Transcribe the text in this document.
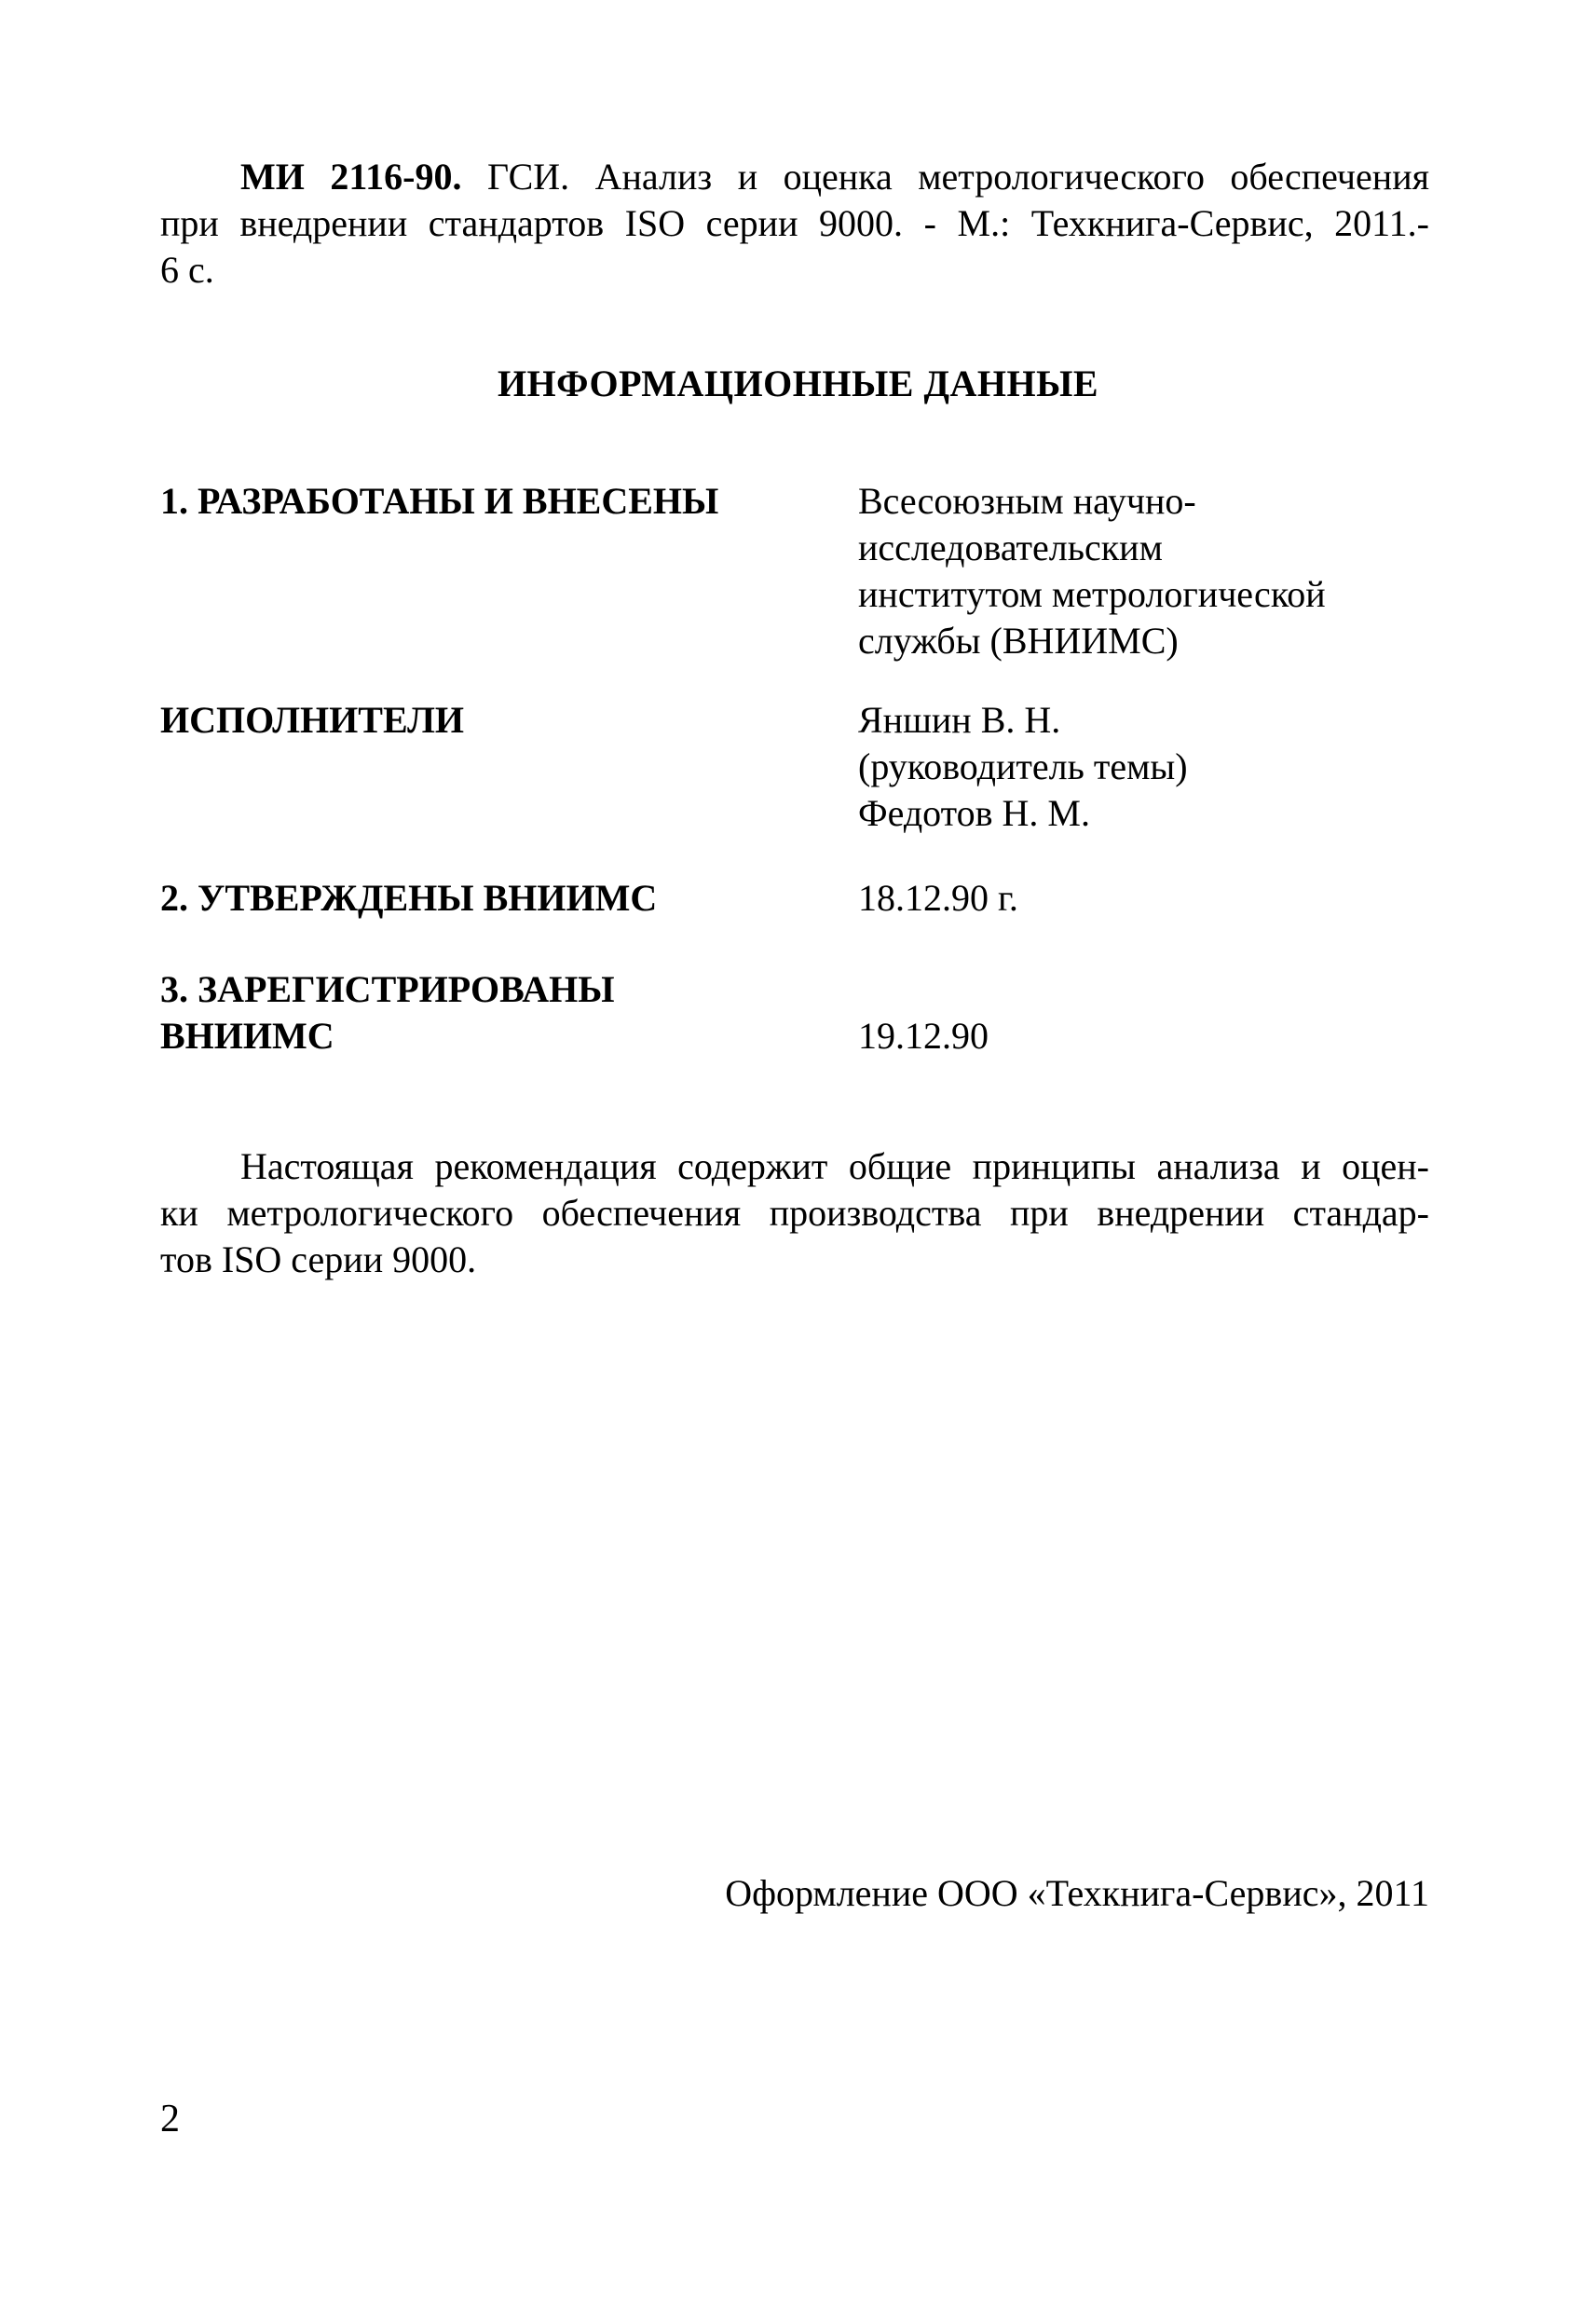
МИ 2116-90. ГСИ. Анализ и оценка метрологического обеспечения
при внедрении стандартов ISO серии 9000. - М.: Техкнига-Сервис, 2011.-
6 с.
ИНФОРМАЦИОННЫЕ ДАННЫЕ
1. РАЗРАБОТАНЫ И ВНЕСЕНЫ	Всесоюзным научно-
исследовательским
институтом метрологической
службы (ВНИИМС)
ИСПОЛНИТЕЛИ	Яншин В. Н.
(руководитель темы)
Федотов Н. М.
2. УТВЕРЖДЕНЫ ВНИИМС	18.12.90 г.
3. ЗАРЕГИСТРИРОВАНЫ
ВНИИМС	19.12.90
Настоящая рекомендация содержит общие принципы анализа и оцен-
ки метрологического обеспечения производства при внедрении стандар-
тов ISO серии 9000.
Оформление ООО «Техкнига-Сервис», 2011
2
